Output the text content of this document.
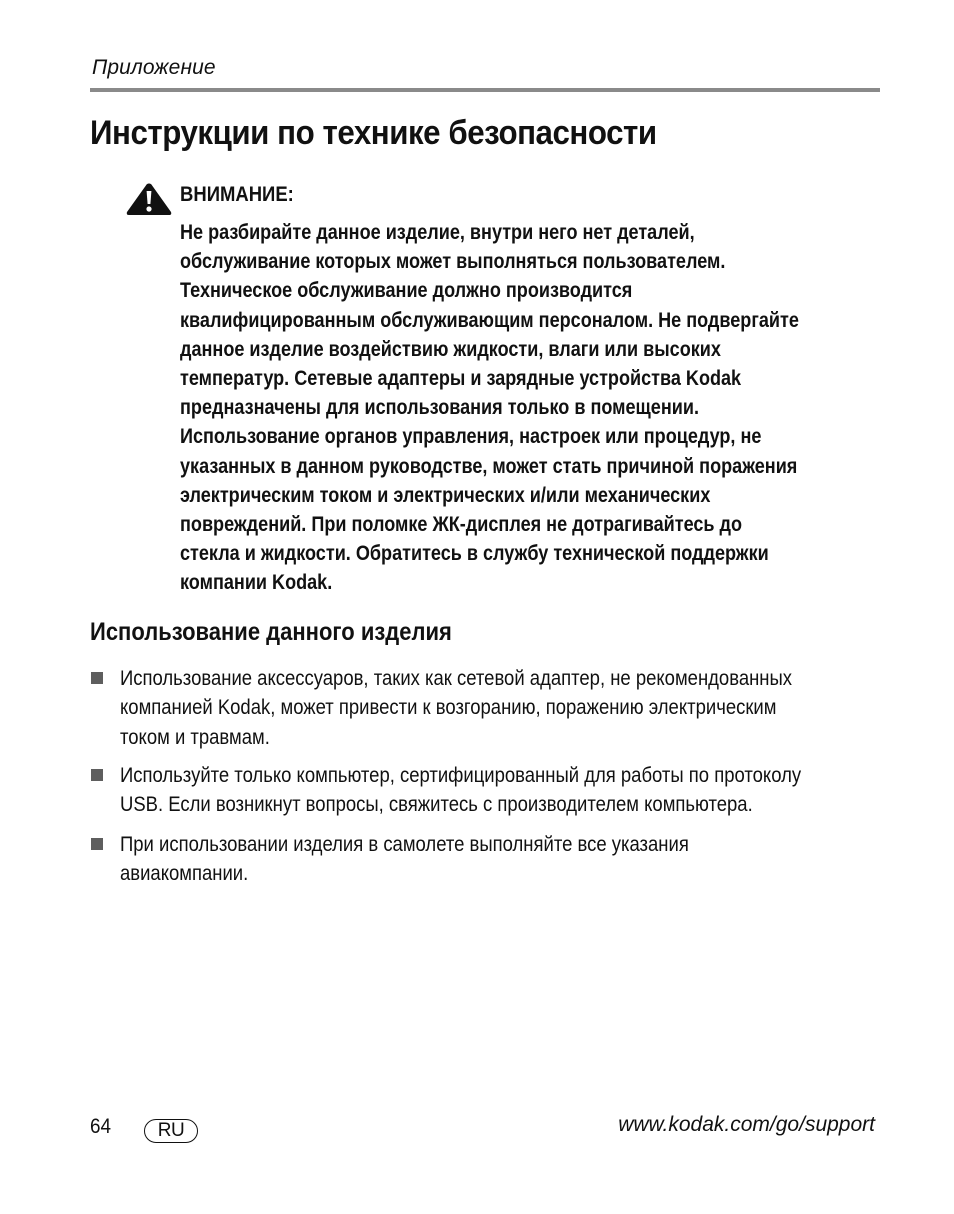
Приложение
Инструкции по технике безопасности
ВНИМАНИЕ:
Не разбирайте данное изделие, внутри него нет деталей,
обслуживание которых может выполняться пользователем.
Техническое обслуживание должно производится
квалифицированным обслуживающим персоналом. Не подвергайте
данное изделие воздействию жидкости, влаги или высоких
температур. Сетевые адаптеры и зарядные устройства Kodak
предназначены для использования только в помещении.
Использование органов управления, настроек или процедур, не
указанных в данном руководстве, может стать причиной поражения
электрическим током и электрических и/или механических
повреждений. При поломке ЖК-дисплея не дотрагивайтесь до
стекла и жидкости. Обратитесь в службу технической поддержки
компании Kodak.
Использование данного изделия
Использование аксессуаров, таких как сетевой адаптер, не рекомендованных
компанией Kodak, может привести к возгоранию, поражению электрическим
током и травмам.
Используйте только компьютер, сертифицированный для работы по протоколу
USB. Если возникнут вопросы, свяжитесь с производителем компьютера.
При использовании изделия в самолете выполняйте все указания
авиакомпании.
64	RU	www.kodak.com/go/support
